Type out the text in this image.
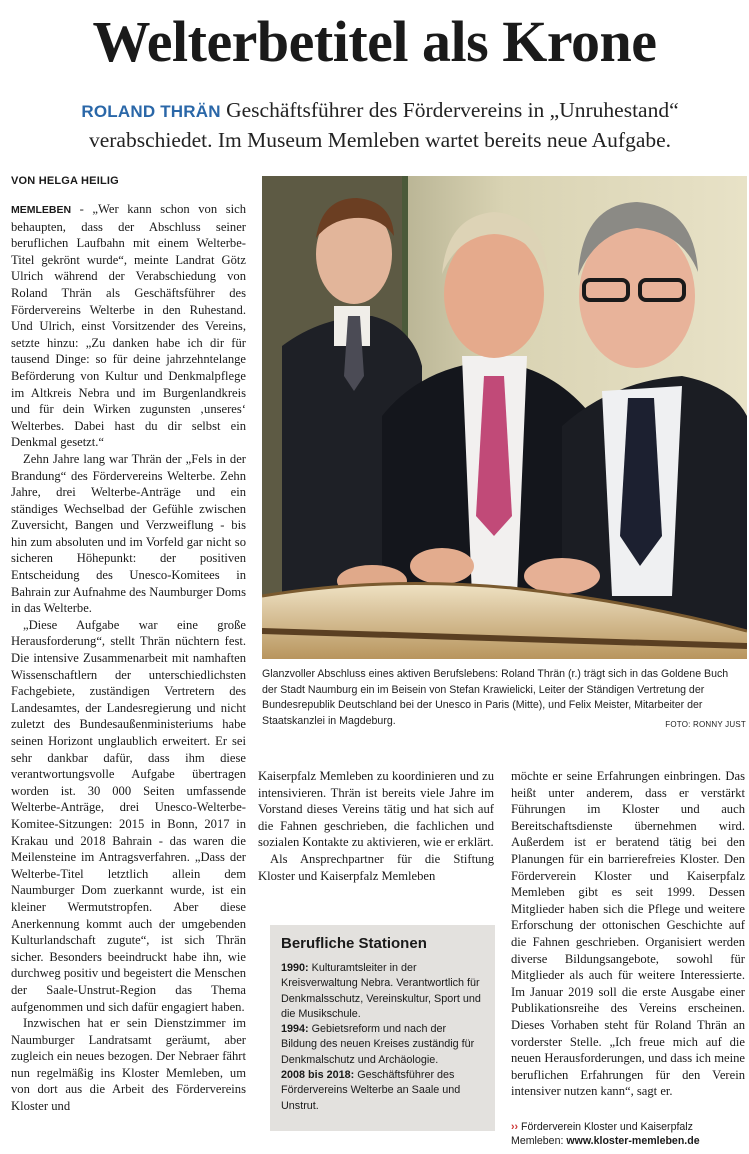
Welterbetitel als Krone
ROLAND THRÄN Geschäftsführer des Fördervereins in „Unruhestand“ verabschiedet. Im Museum Memleben wartet bereits neue Aufgabe.
VON HELGA HEILIG

MEMLEBEN - „Wer kann schon von sich behaupten, dass der Abschluss seiner beruflichen Laufbahn mit einem Welterbe-Titel gekrönt wurde“, meinte Landrat Götz Ulrich während der Verabschiedung von Roland Thrän als Geschäftsführer des Fördervereins Welterbe in den Ruhestand. Und Ulrich, einst Vorsitzender des Vereins, setzte hinzu: „Zu danken habe ich dir für tausend Dinge: so für deine jahrzehntelange Beförderung von Kultur und Denkmalpflege im Altkreis Nebra und im Burgenlandkreis und für dein Wirken zugunsten ‚unseres‘ Welterbes. Dabei hast du dir selbst ein Denkmal gesetzt.“

Zehn Jahre lang war Thrän der „Fels in der Brandung“ des Fördervereins Welterbe. Zehn Jahre, drei Welterbe-Anträge und ein ständiges Wechselbad der Gefühle zwischen Zuversicht, Bangen und Verzweiflung - bis hin zum absoluten und im Vorfeld gar nicht so sicheren Höhepunkt: der positiven Entscheidung des Unesco-Komitees in Bahrain zur Aufnahme des Naumburger Doms in das Welterbe.

„Diese Aufgabe war eine große Herausforderung“, stellt Thrän nüchtern fest. Die intensive Zusammenarbeit mit namhaften Wissenschaftlern der unterschiedlichsten Fachgebiete, zuständigen Vertretern des Landesamtes, der Landesregierung und nicht zuletzt des Bundesaußenministeriums habe seinen Horizont unglaublich erweitert. Er sei sehr dankbar dafür, dass ihm diese verantwortungsvolle Aufgabe übertragen worden ist. 30 000 Seiten umfassende Welterbe-Anträge, drei Unesco-Welterbe-Komitee-Sitzungen: 2015 in Bonn, 2017 in Krakau und 2018 Bahrain - das waren die Meilensteine im Antragsverfahren. „Dass der Welterbe-Titel letztlich allein dem Naumburger Dom zuerkannt wurde, ist ein kleiner Wermutstropfen. Aber diese Anerkennung kommt auch der umgebenden Kulturlandschaft zugute“, ist sich Thrän sicher. Besonders beeindruckt habe ihn, wie durchweg positiv und begeistert die Menschen der Saale-Unstrut-Region das Thema aufgenommen und sich dafür engagiert haben.

Inzwischen hat er sein Dienstzimmer im Naumburger Landratsamt geräumt, aber zugleich ein neues bezogen. Der Nebraer fährt nun regelmäßig ins Kloster Memleben, um von dort aus die Arbeit des Fördervereins Kloster und

Glanzvoller Abschluss eines aktiven Berufslebens: Roland Thrän (r.) trägt sich in das Goldene Buch der Stadt Naumburg ein im Beisein von Stefan Krawielicki, Leiter der Ständigen Vertretung der Bundesrepublik Deutschland bei der Unesco in Paris (Mitte), und Felix Meister, Mitarbeiter der Staatskanzlei in Magdeburg.	FOTO: RONNY JUST

Kaiserpfalz Memleben zu koordinieren und zu intensivieren. Thrän ist bereits viele Jahre im Vorstand dieses Vereins tätig und hat sich auf die Fahnen geschrieben, die fachlichen und sozialen Kontakte zu aktivieren, wie er erklärt.

Als Ansprechpartner für die Stiftung Kloster und Kaiserpfalz Memleben

Berufliche Stationen

1990: Kulturamtsleiter in der Kreisverwaltung Nebra. Verantwortlich für Denkmalsschutz, Vereinskultur, Sport und die Musikschule.

1994: Gebietsreform und nach der Bildung des neuen Kreises zuständig für Denkmalschutz und Archäologie.

2008 bis 2018: Geschäftsführer des Fördervereins Welterbe an Saale und Unstrut.

möchte er seine Erfahrungen einbringen. Das heißt unter anderem, dass er verstärkt Führungen im Kloster und auch Bereitschaftsdienste übernehmen wird. Außerdem ist er beratend tätig bei den Planungen für ein barrierefreies Kloster. Den Förderverein Kloster und Kaiserpfalz Memleben gibt es seit 1999. Dessen Mitglieder haben sich die Pflege und weitere Erforschung der ottonischen Geschichte auf die Fahnen geschrieben. Organisiert werden diverse Bildungsangebote, sowohl für Mitglieder als auch für weitere Interessierte. Im Januar 2019 soll die erste Ausgabe einer Publikationsreihe des Vereins erscheinen. Dieses Vorhaben steht für Roland Thrän an vorderster Stelle. „Ich freue mich auf die neuen Herausforderungen, und dass ich meine beruflichen Erfahrungen für den Verein intensiver nutzen kann“, sagt er.

›› Förderverein Kloster und Kaiserpfalz Memleben: www.kloster-memleben.de
